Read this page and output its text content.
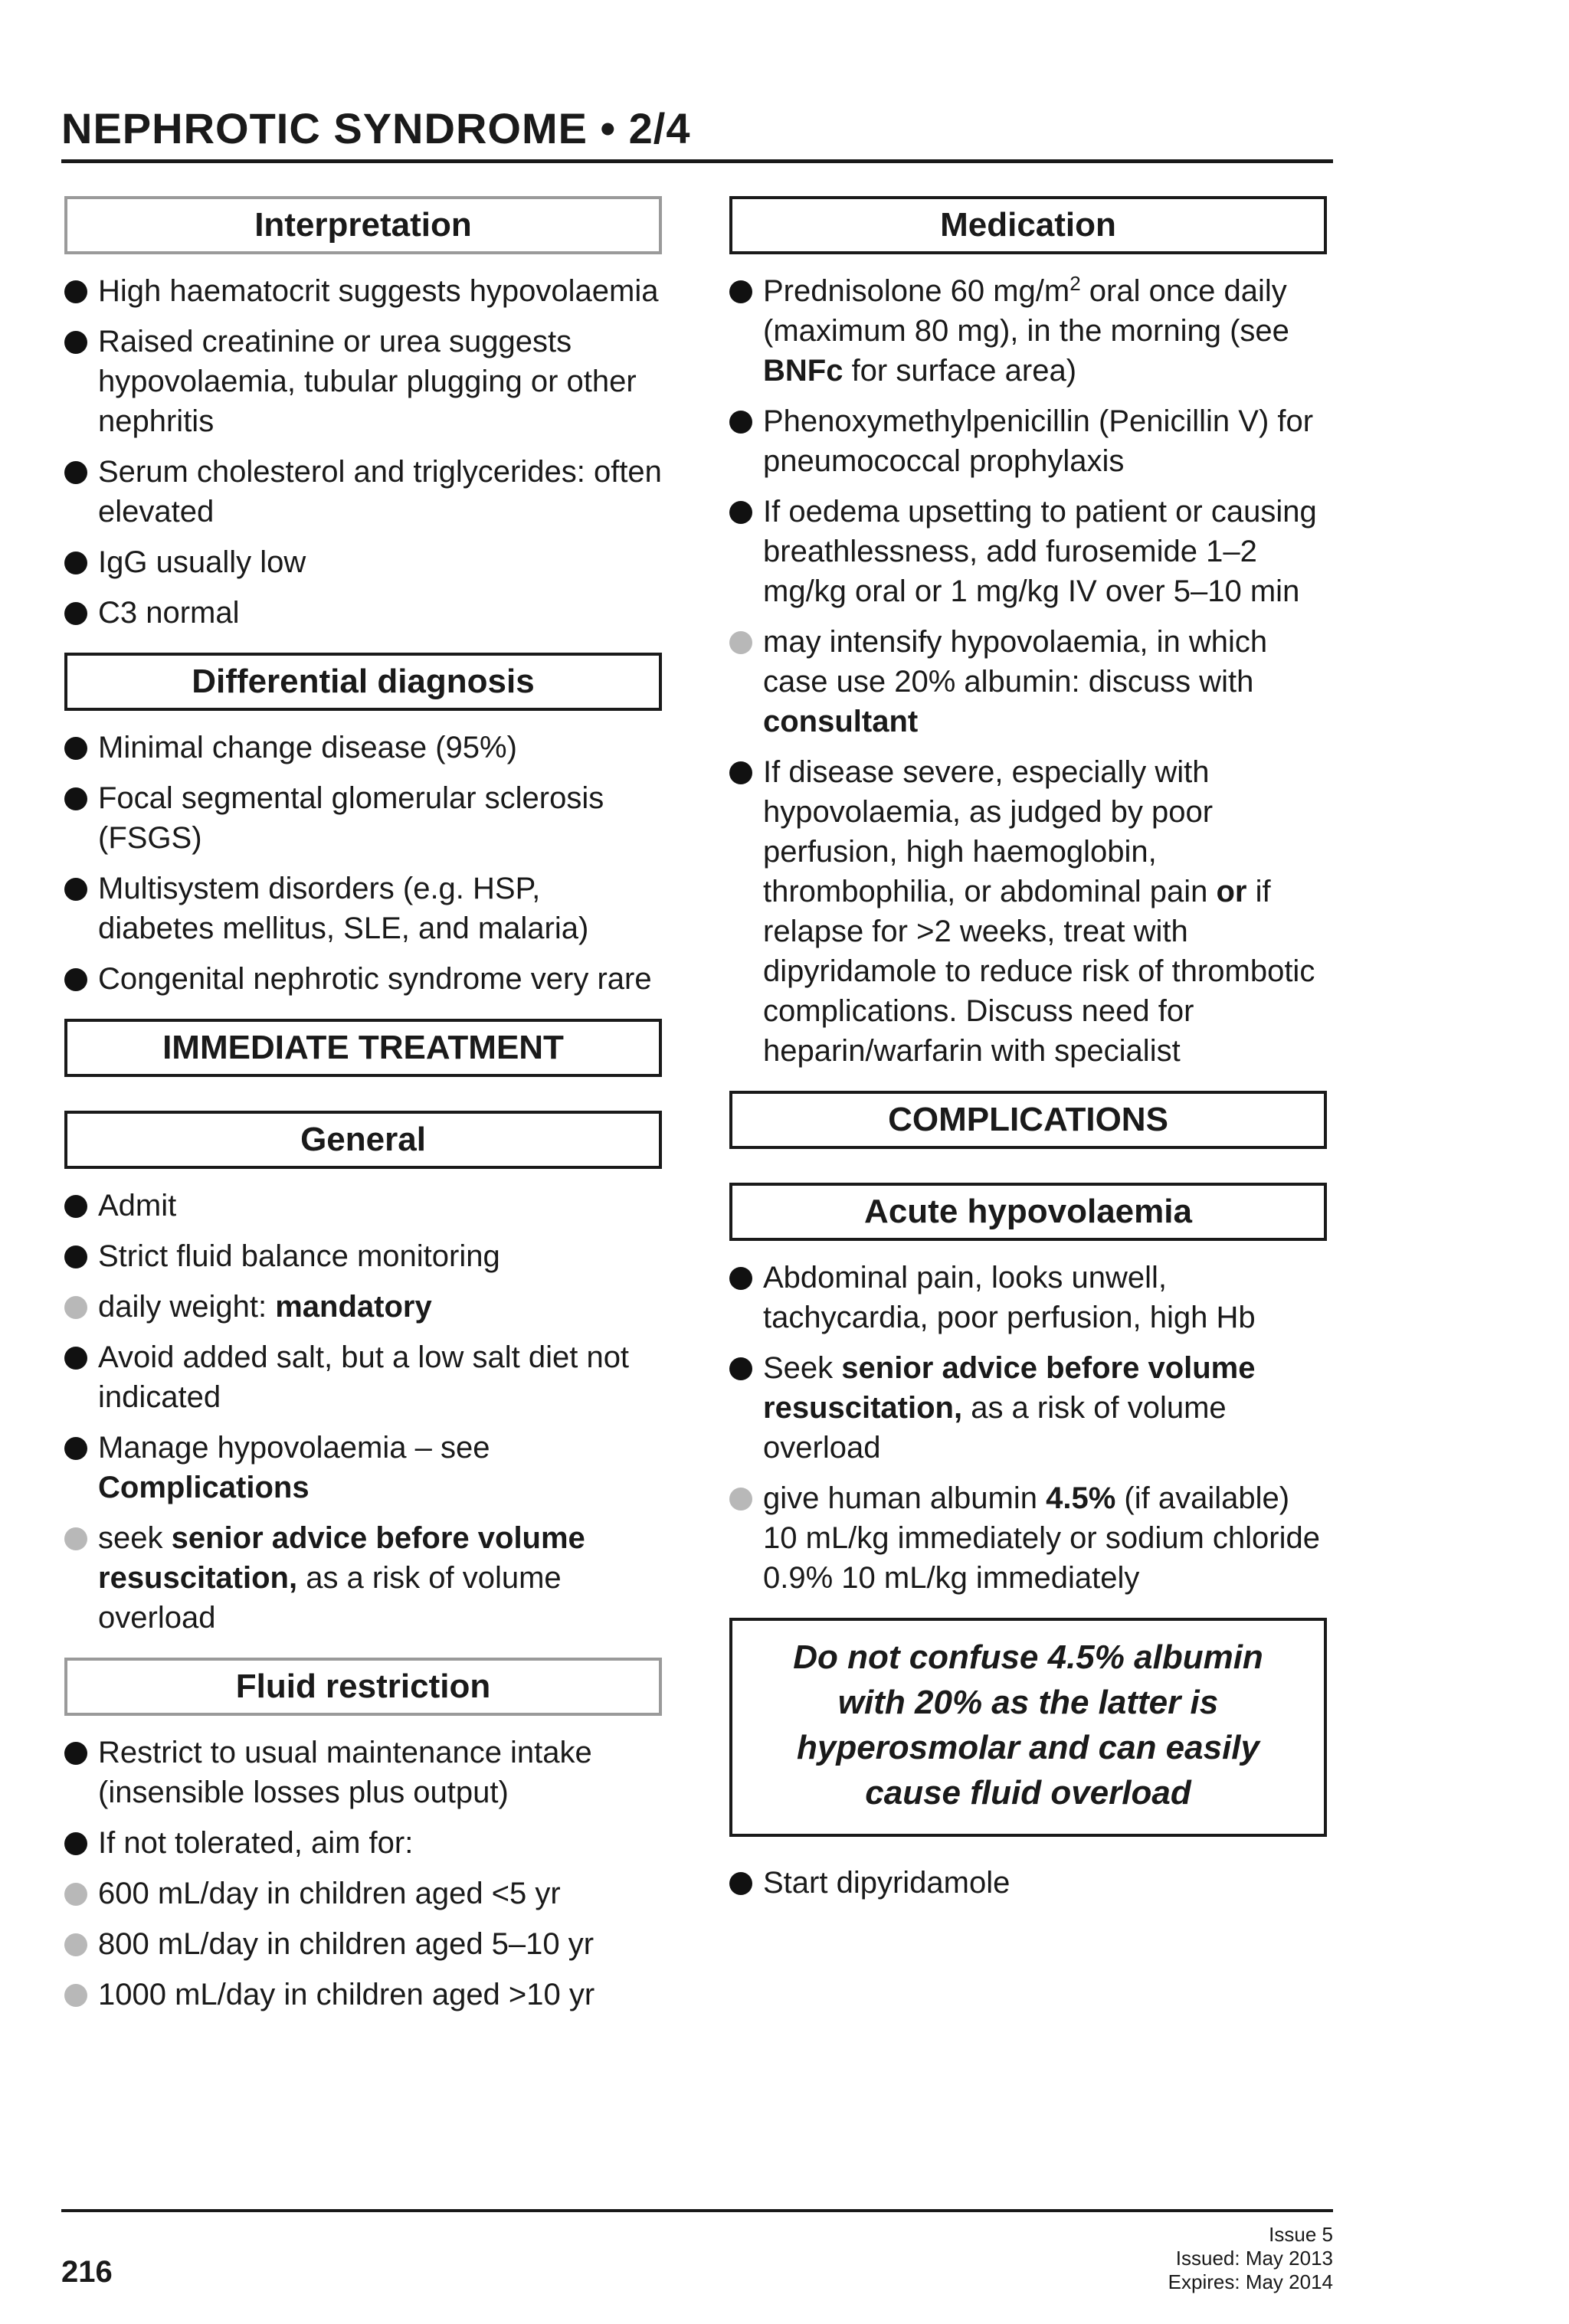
NEPHROTIC SYNDROME • 2/4
Interpretation
High haematocrit suggests hypovolaemia
Raised creatinine or urea suggests hypovolaemia, tubular plugging or other nephritis
Serum cholesterol and triglycerides: often elevated
IgG usually low
C3 normal
Differential diagnosis
Minimal change disease (95%)
Focal segmental glomerular sclerosis (FSGS)
Multisystem disorders (e.g. HSP, diabetes mellitus, SLE, and malaria)
Congenital nephrotic syndrome very rare
IMMEDIATE TREATMENT
General
Admit
Strict fluid balance monitoring
daily weight: mandatory
Avoid added salt, but a low salt diet not indicated
Manage hypovolaemia – see Complications
seek senior advice before volume resuscitation, as a risk of volume overload
Fluid restriction
Restrict to usual maintenance intake (insensible losses plus output)
If not tolerated, aim for:
600 mL/day in children aged <5 yr
800 mL/day in children aged 5–10 yr
1000 mL/day in children aged >10 yr
Medication
Prednisolone 60 $mg/m^2$ oral once daily (maximum 80 mg), in the morning (see BNFc for surface area)
Phenoxymethylpenicillin (Penicillin V) for pneumococcal prophylaxis
If oedema upsetting to patient or causing breathlessness, add furosemide 1–2 mg/kg oral or 1 mg/kg IV over 5–10 min
may intensify hypovolaemia, in which case use 20% albumin: discuss with consultant
If disease severe, especially with hypovolaemia, as judged by poor perfusion, high haemoglobin, thrombophilia, or abdominal pain or if relapse for >2 weeks, treat with dipyridamole to reduce risk of thrombotic complications. Discuss need for heparin/warfarin with specialist
COMPLICATIONS
Acute hypovolaemia
Abdominal pain, looks unwell, tachycardia, poor perfusion, high Hb
Seek senior advice before volume resuscitation, as a risk of volume overload
give human albumin 4.5% (if available) 10 mL/kg immediately or sodium chloride 0.9% 10 mL/kg immediately
Do not confuse 4.5% albumin with 20% as the latter is hyperosmolar and can easily cause fluid overload
Start dipyridamole
216
Issue 5
Issued: May 2013
Expires: May 2014
